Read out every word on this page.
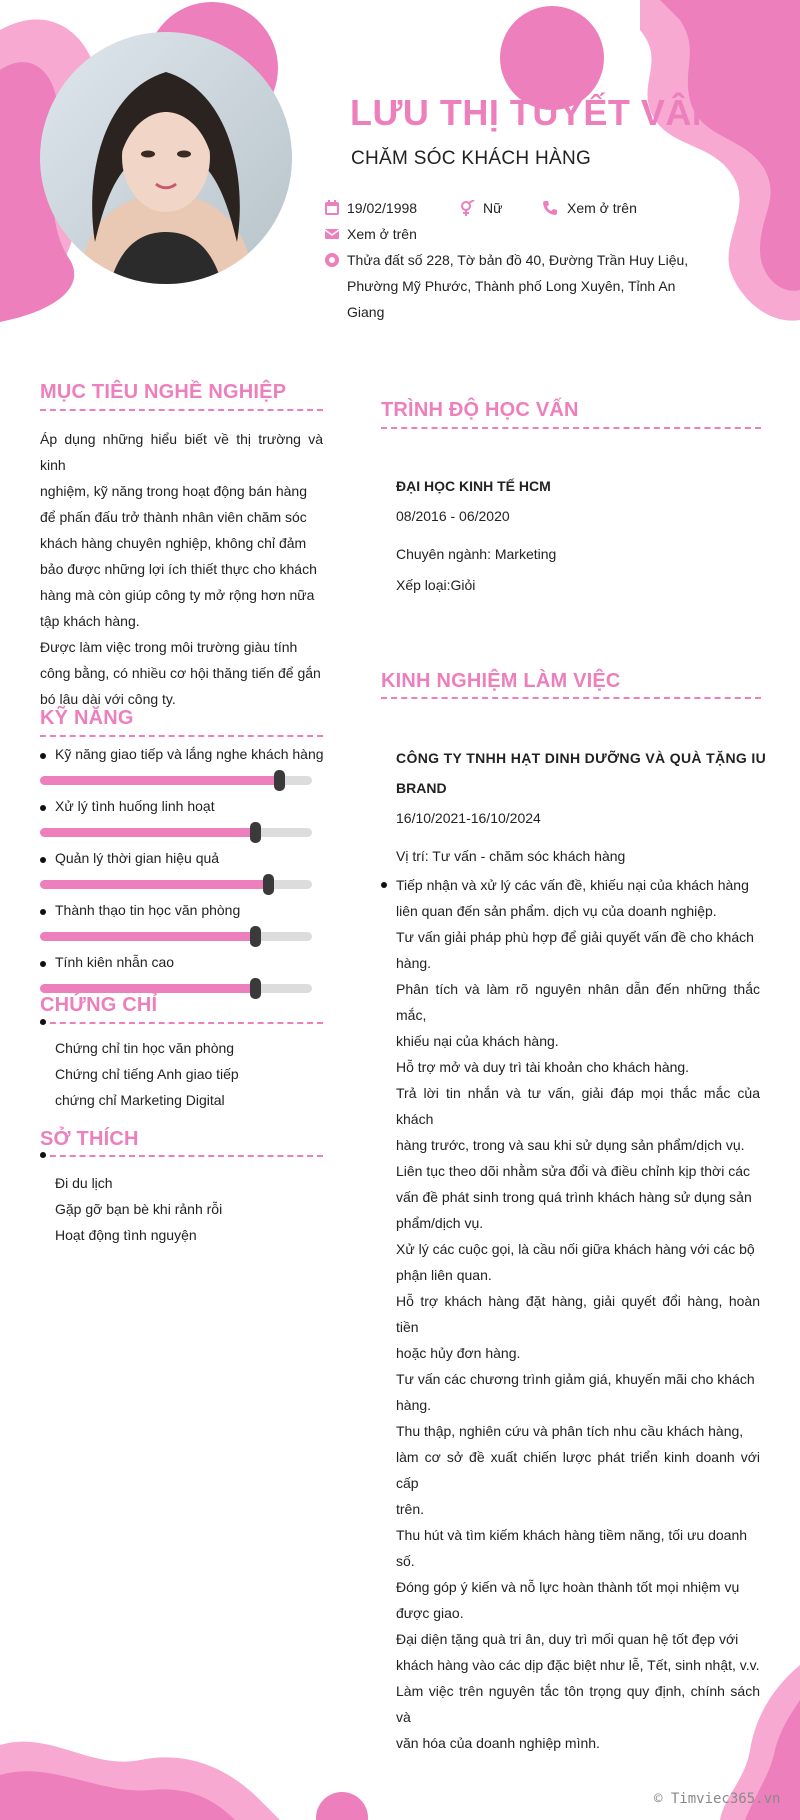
LƯU THỊ TUYẾT VÂN
CHĂM SÓC KHÁCH HÀNG
19/02/1998	Nữ	Xem ở trên
Xem ở trên
Thửa đất số 228, Tờ bản đồ 40, Đường Trần Huy Liệu,
Phường Mỹ Phước, Thành phố Long Xuyên, Tỉnh An
Giang
MỤC TIÊU NGHỀ NGHIỆP

Áp dụng những hiểu biết về thị trường và kinh

nghiệm, kỹ năng trong hoạt động bán hàng

để phấn đấu trở thành nhân viên chăm sóc

khách hàng chuyên nghiệp, không chỉ đảm

bảo được những lợi ích thiết thực cho khách

hàng mà còn giúp công ty mở rộng hơn nữa

tập khách hàng.

Được làm việc trong môi trường giàu tính

công bằng, có nhiều cơ hội thăng tiến để gắn

bó lâu dài với công ty.

KỸ NĂNG
Kỹ năng giao tiếp và lắng nghe khách hàng
Xử lý tình huống linh hoạt
Quản lý thời gian hiệu quả
Thành thạo tin học văn phòng
Tính kiên nhẫn cao
CHỨNG CHỈ
Chứng chỉ tin học văn phòng
Chứng chỉ tiếng Anh giao tiếp
chứng chỉ Marketing Digital
SỞ THÍCH
Đi du lịch
Gặp gỡ bạn bè khi rảnh rỗi
Hoạt động tình nguyện
TRÌNH ĐỘ HỌC VẤN
ĐẠI HỌC KINH TẾ HCM
08/2016 - 06/2020
Chuyên ngành: Marketing
Xếp loại:Giỏi
KINH NGHIỆM LÀM VIỆC
CÔNG TY TNHH HẠT DINH DƯỠNG VÀ QUÀ TẶNG IU
BRAND
16/10/2021-16/10/2024
Vị trí: Tư vấn - chăm sóc khách hàng

Tiếp nhận và xử lý các vấn đề, khiếu nại của khách hàng

liên quan đến sản phẩm. dịch vụ của doanh nghiệp.

Tư vấn giải pháp phù hợp để giải quyết vấn đề cho khách

hàng.

Phân tích và làm rõ nguyên nhân dẫn đến những thắc mắc,

khiếu nại của khách hàng.

Hỗ trợ mở và duy trì tài khoản cho khách hàng.

Trả lời tin nhắn và tư vấn, giải đáp mọi thắc mắc của khách

hàng trước, trong và sau khi sử dụng sản phẩm/dịch vụ.

Liên tục theo dõi nhằm sửa đổi và điều chỉnh kịp thời các

vấn đề phát sinh trong quá trình khách hàng sử dụng sản

phẩm/dịch vụ.

Xử lý các cuộc gọi, là cầu nối giữa khách hàng với các bộ

phận liên quan.

Hỗ trợ khách hàng đặt hàng, giải quyết đổi hàng, hoàn tiền

hoặc hủy đơn hàng.

Tư vấn các chương trình giảm giá, khuyến mãi cho khách

hàng.

Thu thập, nghiên cứu và phân tích nhu cầu khách hàng,

làm cơ sở đề xuất chiến lược phát triển kinh doanh với cấp

trên.

Thu hút và tìm kiếm khách hàng tiềm năng, tối ưu doanh

số.

Đóng góp ý kiến và nỗ lực hoàn thành tốt mọi nhiệm vụ

được giao.

Đại diện tặng quà tri ân, duy trì mối quan hệ tốt đẹp với

khách hàng vào các dịp đặc biệt như lễ, Tết, sinh nhật, v.v.

Làm việc trên nguyên tắc tôn trọng quy định, chính sách và

văn hóa của doanh nghiệp mình.

© Timviec365.vn
